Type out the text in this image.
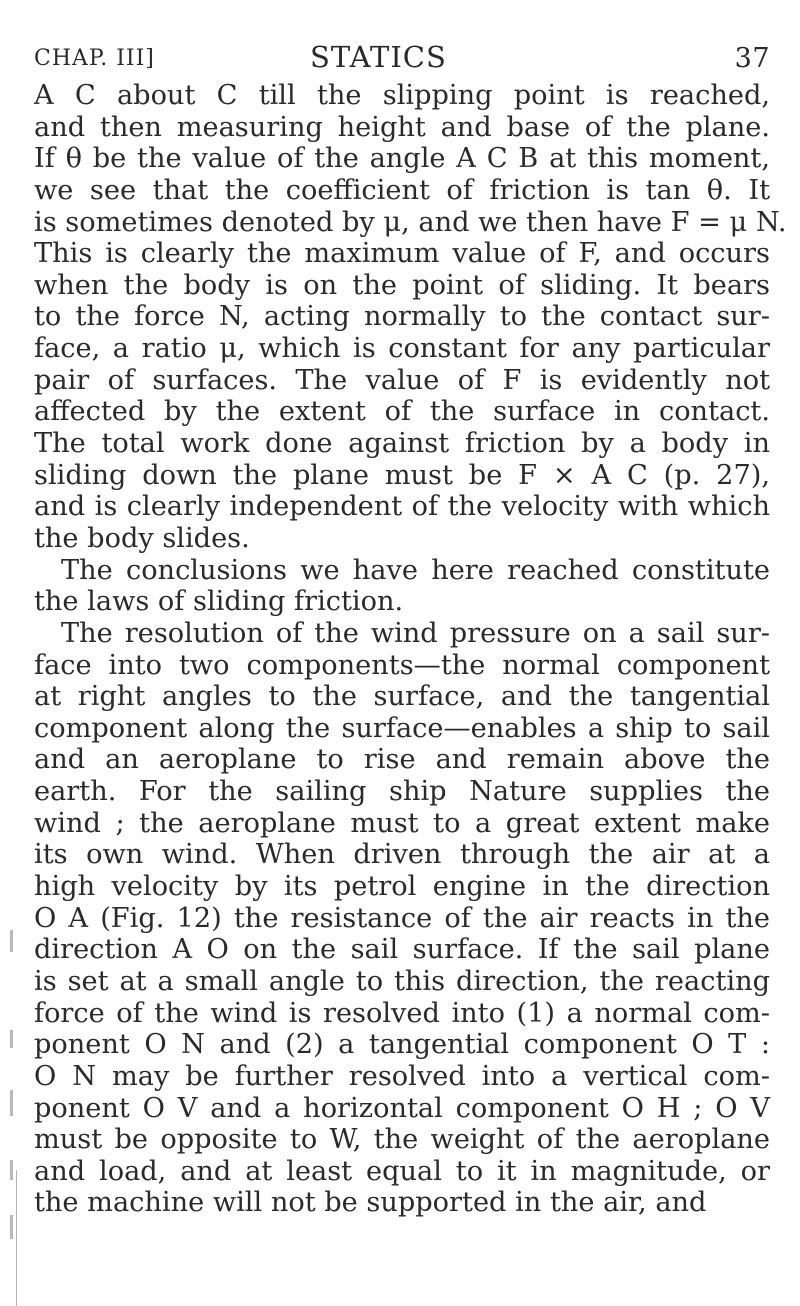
CHAP. III]	STATICS	37
A C about C till the slipping point is reached,
and then measuring height and base of the plane.
If θ be the value of the angle A C B at this moment,
we see that the coefficient of friction is tan θ. It
is sometimes denoted by μ, and we then have F = μ N.
This is clearly the maximum value of F, and occurs
when the body is on the point of sliding. It bears
to the force N, acting normally to the contact sur-
face, a ratio μ, which is constant for any particular
pair of surfaces. The value of F is evidently not
affected by the extent of the surface in contact.
The total work done against friction by a body in
sliding down the plane must be F × A C (p. 27),
and is clearly independent of the velocity with which
the body slides.
The conclusions we have here reached constitute
the laws of sliding friction.
The resolution of the wind pressure on a sail sur-
face into two components—the normal component
at right angles to the surface, and the tangential
component along the surface—enables a ship to sail
and an aeroplane to rise and remain above the
earth. For the sailing ship Nature supplies the
wind ; the aeroplane must to a great extent make
its own wind. When driven through the air at a
high velocity by its petrol engine in the direction
O A (Fig. 12) the resistance of the air reacts in the
direction A O on the sail surface. If the sail plane
is set at a small angle to this direction, the reacting
force of the wind is resolved into (1) a normal com-
ponent O N and (2) a tangential component O T :
O N may be further resolved into a vertical com-
ponent O V and a horizontal component O H ; O V
must be opposite to W, the weight of the aeroplane
and load, and at least equal to it in magnitude, or
the machine will not be supported in the air, and
